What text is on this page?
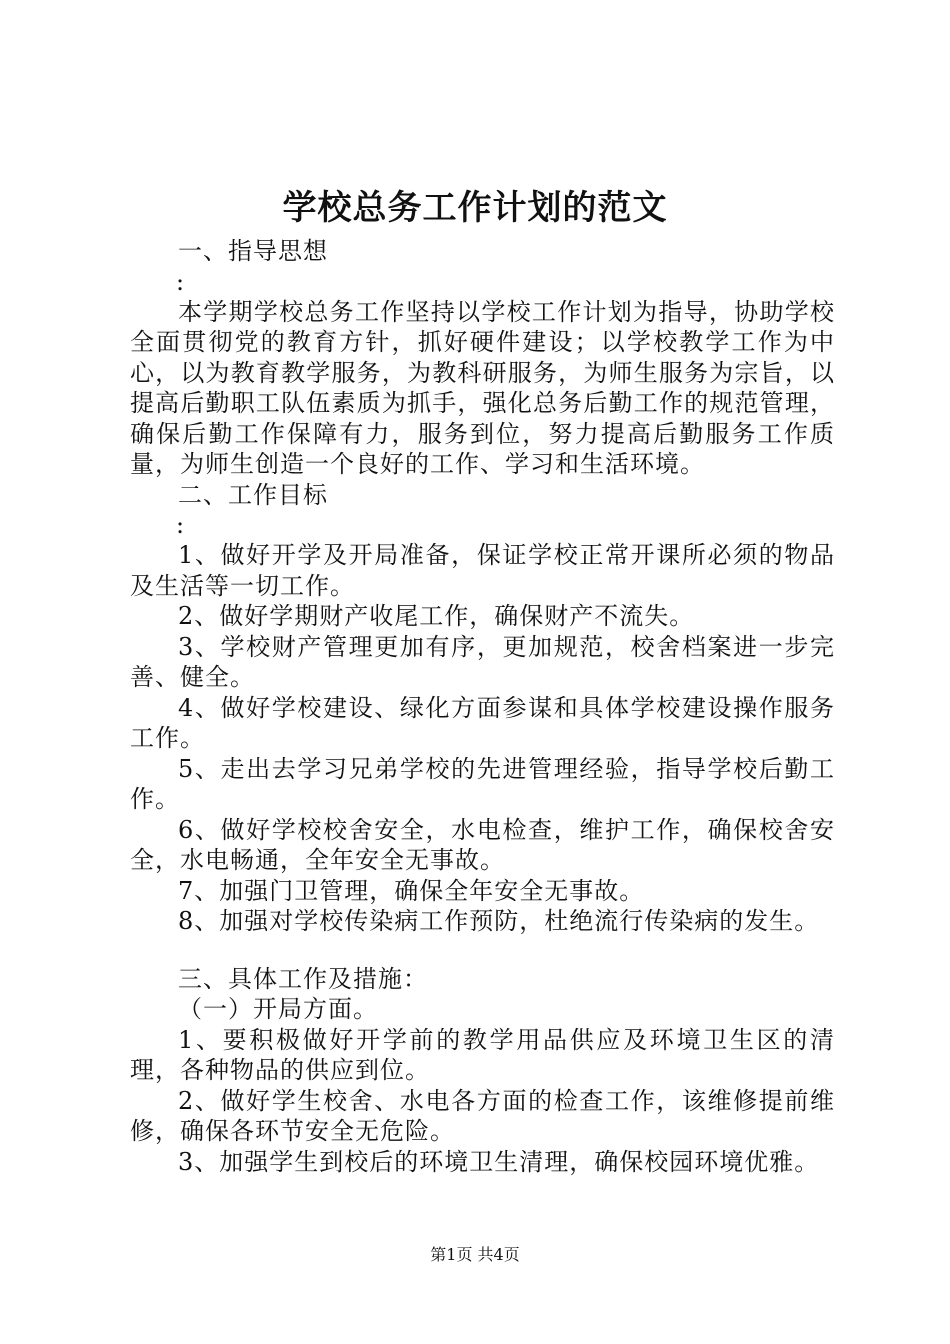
学校总务工作计划的范文

一、指导思想

:

本学期学校总务工作坚持以学校工作计划为指导，协助学校全面贯彻党的教育方针，抓好硬件建设；以学校教学工作为中心，以为教育教学服务，为教科研服务，为师生服务为宗旨，以提高后勤职工队伍素质为抓手，强化总务后勤工作的规范管理，确保后勤工作保障有力，服务到位，努力提高后勤服务工作质量，为师生创造一个良好的工作、学习和生活环境。

二、工作目标

:

1、做好开学及开局准备，保证学校正常开课所必须的物品及生活等一切工作。

2、做好学期财产收尾工作，确保财产不流失。

3、学校财产管理更加有序，更加规范，校舍档案进一步完善、健全。

4、做好学校建设、绿化方面参谋和具体学校建设操作服务工作。

5、走出去学习兄弟学校的先进管理经验，指导学校后勤工作。

6、做好学校校舍安全，水电检查，维护工作，确保校舍安全，水电畅通，全年安全无事故。

7、加强门卫管理，确保全年安全无事故。

8、加强对学校传染病工作预防，杜绝流行传染病的发生。

三、具体工作及措施：

（一）开局方面。

1、要积极做好开学前的教学用品供应及环境卫生区的清理，各种物品的供应到位。

2、做好学生校舍、水电各方面的检查工作，该维修提前维修，确保各环节安全无危险。

3、加强学生到校后的环境卫生清理，确保校园环境优雅。

第1页 共4页
